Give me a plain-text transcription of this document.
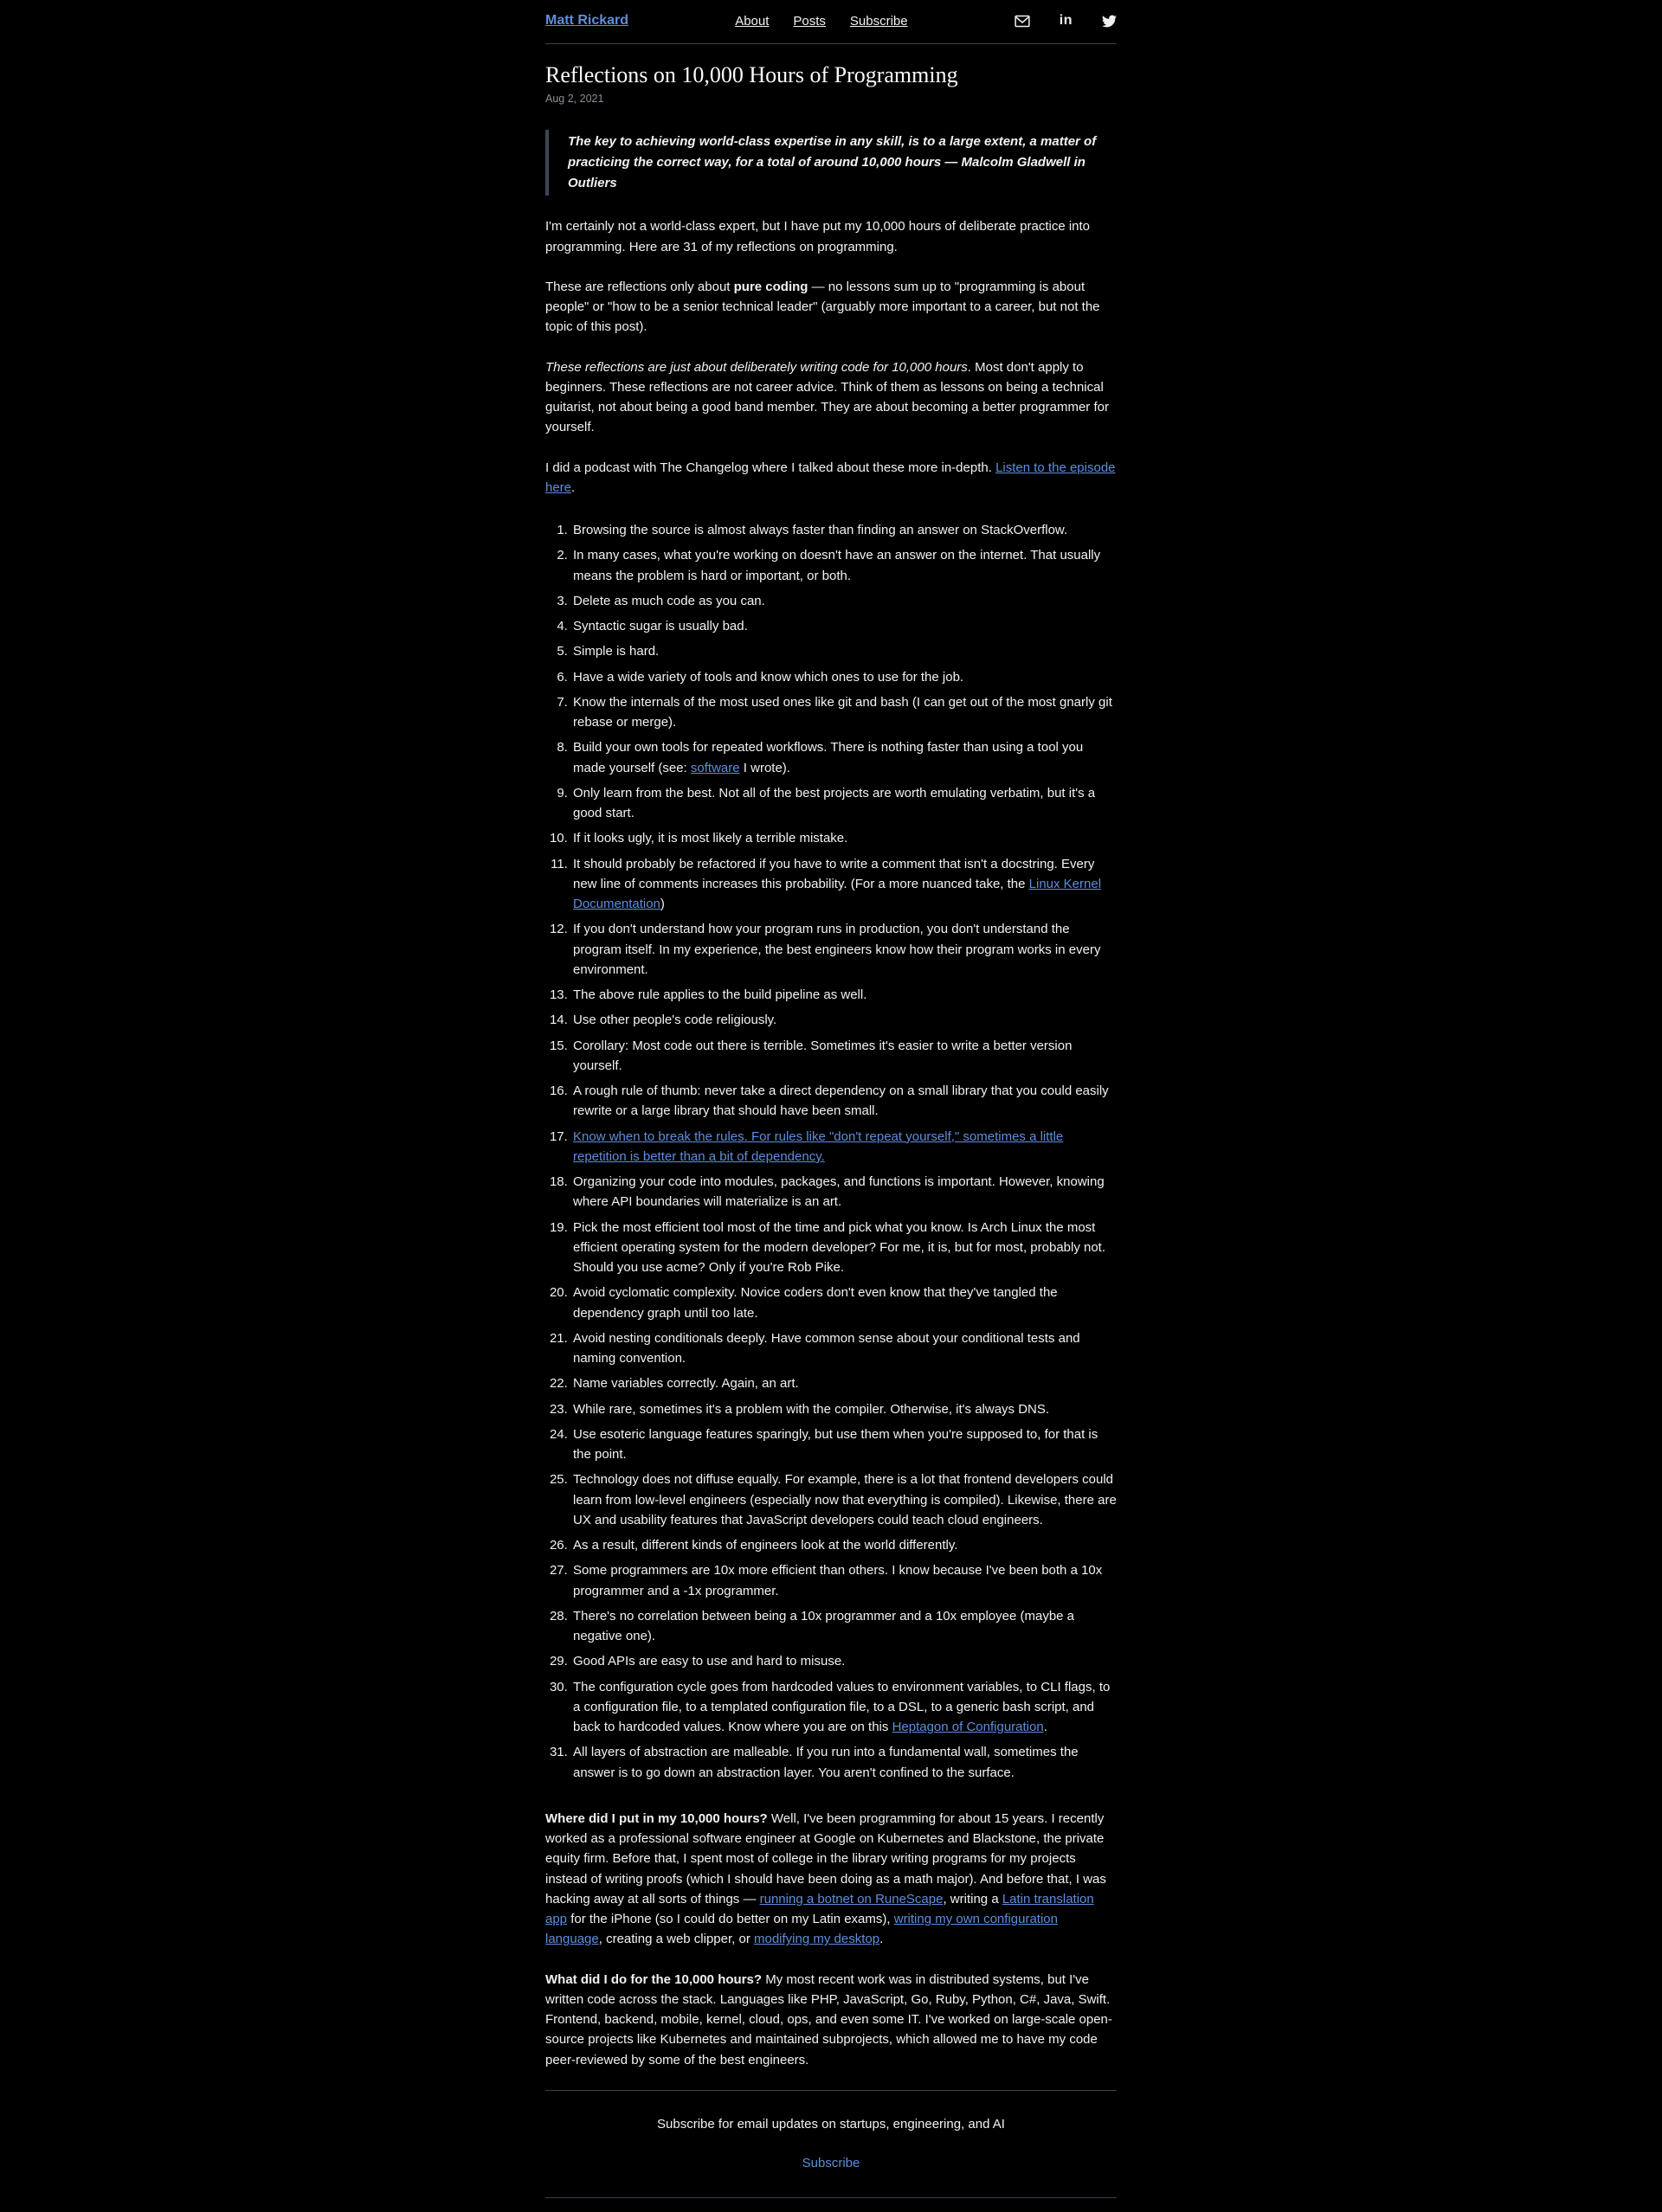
Matt Rickard	About Posts Subscribe	in
Reflections on 10,000 Hours of Programming
Aug 2, 2021
The key to achieving world-class expertise in any skill, is to a large extent, a matter of practicing the correct way, for a total of around 10,000 hours — Malcolm Gladwell in Outliers

I'm certainly not a world-class expert, but I have put my 10,000 hours of deliberate practice into programming. Here are 31 of my reflections on programming.

These are reflections only about pure coding — no lessons sum up to "programming is about people" or "how to be a senior technical leader" (arguably more important to a career, but not the topic of this post).

These reflections are just about deliberately writing code for 10,000 hours. Most don't apply to beginners. These reflections are not career advice. Think of them as lessons on being a technical guitarist, not about being a good band member. They are about becoming a better programmer for yourself.

I did a podcast with The Changelog where I talked about these more in-depth. Listen to the episode here.

1. Browsing the source is almost always faster than finding an answer on StackOverflow.
2. In many cases, what you're working on doesn't have an answer on the internet. That usually means the problem is hard or important, or both.
3. Delete as much code as you can.
4. Syntactic sugar is usually bad.
5. Simple is hard.
6. Have a wide variety of tools and know which ones to use for the job.
7. Know the internals of the most used ones like git and bash (I can get out of the most gnarly git rebase or merge).
8. Build your own tools for repeated workflows. There is nothing faster than using a tool you made yourself (see: software I wrote).
9. Only learn from the best. Not all of the best projects are worth emulating verbatim, but it's a good start.
10. If it looks ugly, it is most likely a terrible mistake.
11. It should probably be refactored if you have to write a comment that isn't a docstring. Every new line of comments increases this probability. (For a more nuanced take, the Linux Kernel Documentation)
12. If you don't understand how your program runs in production, you don't understand the program itself. In my experience, the best engineers know how their program works in every environment.
13. The above rule applies to the build pipeline as well.
14. Use other people's code religiously.
15. Corollary: Most code out there is terrible. Sometimes it's easier to write a better version yourself.
16. A rough rule of thumb: never take a direct dependency on a small library that you could easily rewrite or a large library that should have been small.
17. Know when to break the rules. For rules like "don't repeat yourself," sometimes a little repetition is better than a bit of dependency.
18. Organizing your code into modules, packages, and functions is important. However, knowing where API boundaries will materialize is an art.
19. Pick the most efficient tool most of the time and pick what you know. Is Arch Linux the most efficient operating system for the modern developer? For me, it is, but for most, probably not. Should you use acme? Only if you're Rob Pike.
20. Avoid cyclomatic complexity. Novice coders don't even know that they've tangled the dependency graph until too late.
21. Avoid nesting conditionals deeply. Have common sense about your conditional tests and naming convention.
22. Name variables correctly. Again, an art.
23. While rare, sometimes it's a problem with the compiler. Otherwise, it's always DNS.
24. Use esoteric language features sparingly, but use them when you're supposed to, for that is the point.
25. Technology does not diffuse equally. For example, there is a lot that frontend developers could learn from low-level engineers (especially now that everything is compiled). Likewise, there are UX and usability features that JavaScript developers could teach cloud engineers.
26. As a result, different kinds of engineers look at the world differently.
27. Some programmers are 10x more efficient than others. I know because I've been both a 10x programmer and a -1x programmer.
28. There's no correlation between being a 10x programmer and a 10x employee (maybe a negative one).
29. Good APIs are easy to use and hard to misuse.
30. The configuration cycle goes from hardcoded values to environment variables, to CLI flags, to a configuration file, to a templated configuration file, to a DSL, to a generic bash script, and back to hardcoded values. Know where you are on this Heptagon of Configuration.
31. All layers of abstraction are malleable. If you run into a fundamental wall, sometimes the answer is to go down an abstraction layer. You aren't confined to the surface.

Where did I put in my 10,000 hours? Well, I've been programming for about 15 years. I recently worked as a professional software engineer at Google on Kubernetes and Blackstone, the private equity firm. Before that, I spent most of college in the library writing programs for my projects instead of writing proofs (which I should have been doing as a math major). And before that, I was hacking away at all sorts of things — running a botnet on RuneScape, writing a Latin translation app for the iPhone (so I could do better on my Latin exams), writing my own configuration language, creating a web clipper, or modifying my desktop.

What did I do for the 10,000 hours? My most recent work was in distributed systems, but I've written code across the stack. Languages like PHP, JavaScript, Go, Ruby, Python, C#, Java, Swift. Frontend, backend, mobile, kernel, cloud, ops, and even some IT. I've worked on large-scale open-source projects like Kubernetes and maintained subprojects, which allowed me to have my code peer-reviewed by some of the best engineers.

Subscribe for email updates on startups, engineering, and AI
Subscribe
